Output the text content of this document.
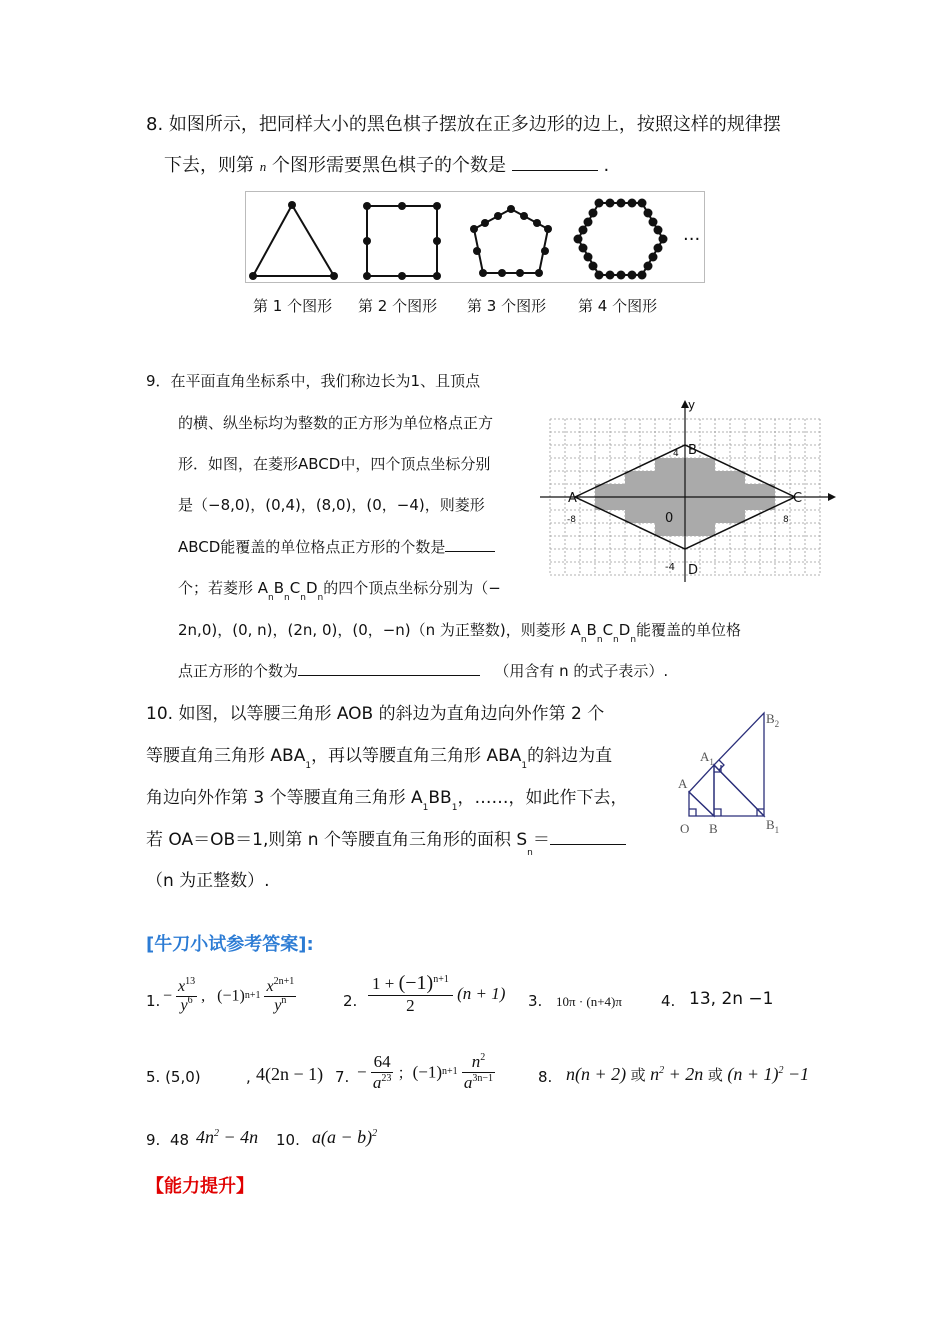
8. 如图所示，把同样大小的黑色棋子摆放在正多边形的边上，按照这样的规律摆
下去，则第 n 个图形需要黑色棋子的个数是	.
···
第 1 个图形 第 2 个图形 第 3 个图形 第 4 个图形
9．在平面直角坐标系中，我们称边长为1、且顶点
的横、纵坐标均为整数的正方形为单位格点正方
形．如图，在菱形ABCD中，四个顶点坐标分别
是（−8,0)，(0,4)，(8,0)，(0，−4)，则菱形
ABCD能覆盖的单位格点正方形的个数是
个；若菱形 $A_nB_nC_nD_n$的四个顶点坐标分别为（−
2n,0)，(0, n)，(2n, 0)，(0，−n)（n 为正整数)，则菱形 $A_nB_nC_nD_n$能覆盖的单位格
点正方形的个数为	（用含有 n 的式子表示）.
y
B
4
A	C
-8	8
0
-4 D
10. 如图，以等腰三角形 AOB 的斜边为直角边向外作第 2 个
等腰直角三角形 $ABA_1$，再以等腰直角三角形 $ABA_1$的斜边为直
角边向外作第 3 个等腰直角三角形 $A_1BB_1$，……，如此作下去，
若 OA＝OB＝1,则第 n 个等腰直角三角形的面积 $S_n=$
（n 为正整数）.
$B_2$
$A_1$
A
O B	$B_1$
[牛刀小试参考答案]:
1. − $\frac{x^{13}}{y^6}$ , $(-1)n+1 \frac{x^{2n+1}}{y^n}$	2. $\frac{1 + (-1)^{n+1}}{2} (n + 1)$ 3. 10π · (n+4)π	4. 13, 2n −1
5. (5,0)	, 4(2n − 1) 7. − $\frac{64}{a^{23}}$ ；$(-1)n+1 \frac{n^2}{a^{3n-1}}$	8. n(n + 2) 或 $n^2 + 2n$ 或 $(n + 1)^2 -1$
9. 48 $4n^2 - 4n$ 10. $a(a - b)^2$
【能力提升】
